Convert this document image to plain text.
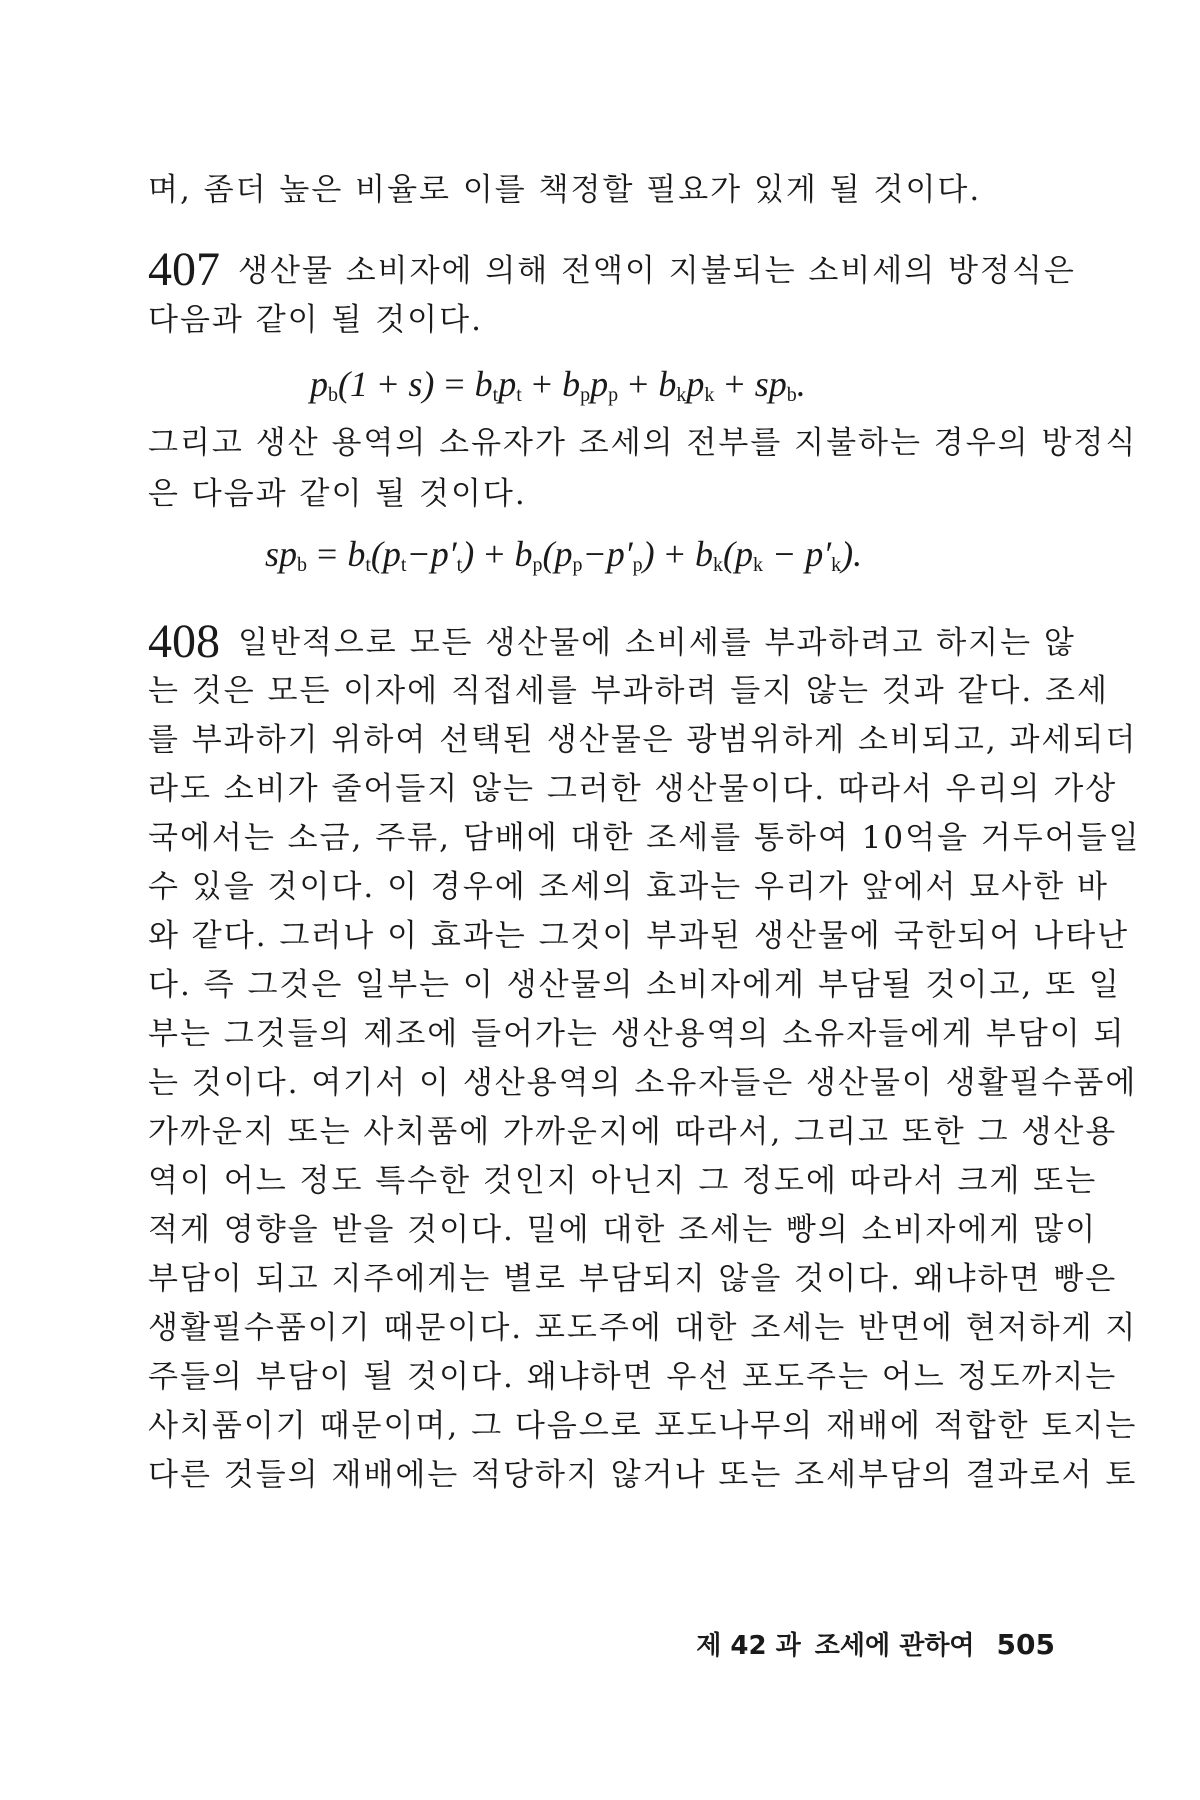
며, 좀더 높은 비율로 이를 책정할 필요가 있게 될 것이다.
407 생산물 소비자에 의해 전액이 지불되는 소비세의 방정식은
다음과 같이 될 것이다.
$p_b(1 + s) = b_tp_t + b_pp_p + b_kp_k + sp_b$.
그리고 생산 용역의 소유자가 조세의 전부를 지불하는 경우의 방정식
은 다음과 같이 될 것이다.
$sp_b = b_t(p_t-p'_t) + b_p(p_p-p'_p) + b_k(p_k - p'_k)$.
408 일반적으로 모든 생산물에 소비세를 부과하려고 하지는 않
는 것은 모든 이자에 직접세를 부과하려 들지 않는 것과 같다. 조세
를 부과하기 위하여 선택된 생산물은 광범위하게 소비되고, 과세되더
라도 소비가 줄어들지 않는 그러한 생산물이다. 따라서 우리의 가상
국에서는 소금, 주류, 담배에 대한 조세를 통하여 10억을 거두어들일
수 있을 것이다. 이 경우에 조세의 효과는 우리가 앞에서 묘사한 바
와 같다. 그러나 이 효과는 그것이 부과된 생산물에 국한되어 나타난
다. 즉 그것은 일부는 이 생산물의 소비자에게 부담될 것이고, 또 일
부는 그것들의 제조에 들어가는 생산용역의 소유자들에게 부담이 되
는 것이다. 여기서 이 생산용역의 소유자들은 생산물이 생활필수품에
가까운지 또는 사치품에 가까운지에 따라서, 그리고 또한 그 생산용
역이 어느 정도 특수한 것인지 아닌지 그 정도에 따라서 크게 또는
적게 영향을 받을 것이다. 밀에 대한 조세는 빵의 소비자에게 많이
부담이 되고 지주에게는 별로 부담되지 않을 것이다. 왜냐하면 빵은
생활필수품이기 때문이다. 포도주에 대한 조세는 반면에 현저하게 지
주들의 부담이 될 것이다. 왜냐하면 우선 포도주는 어느 정도까지는
사치품이기 때문이며, 그 다음으로 포도나무의 재배에 적합한 토지는
다른 것들의 재배에는 적당하지 않거나 또는 조세부담의 결과로서 토
제 42 과 조세에 관하여 505
